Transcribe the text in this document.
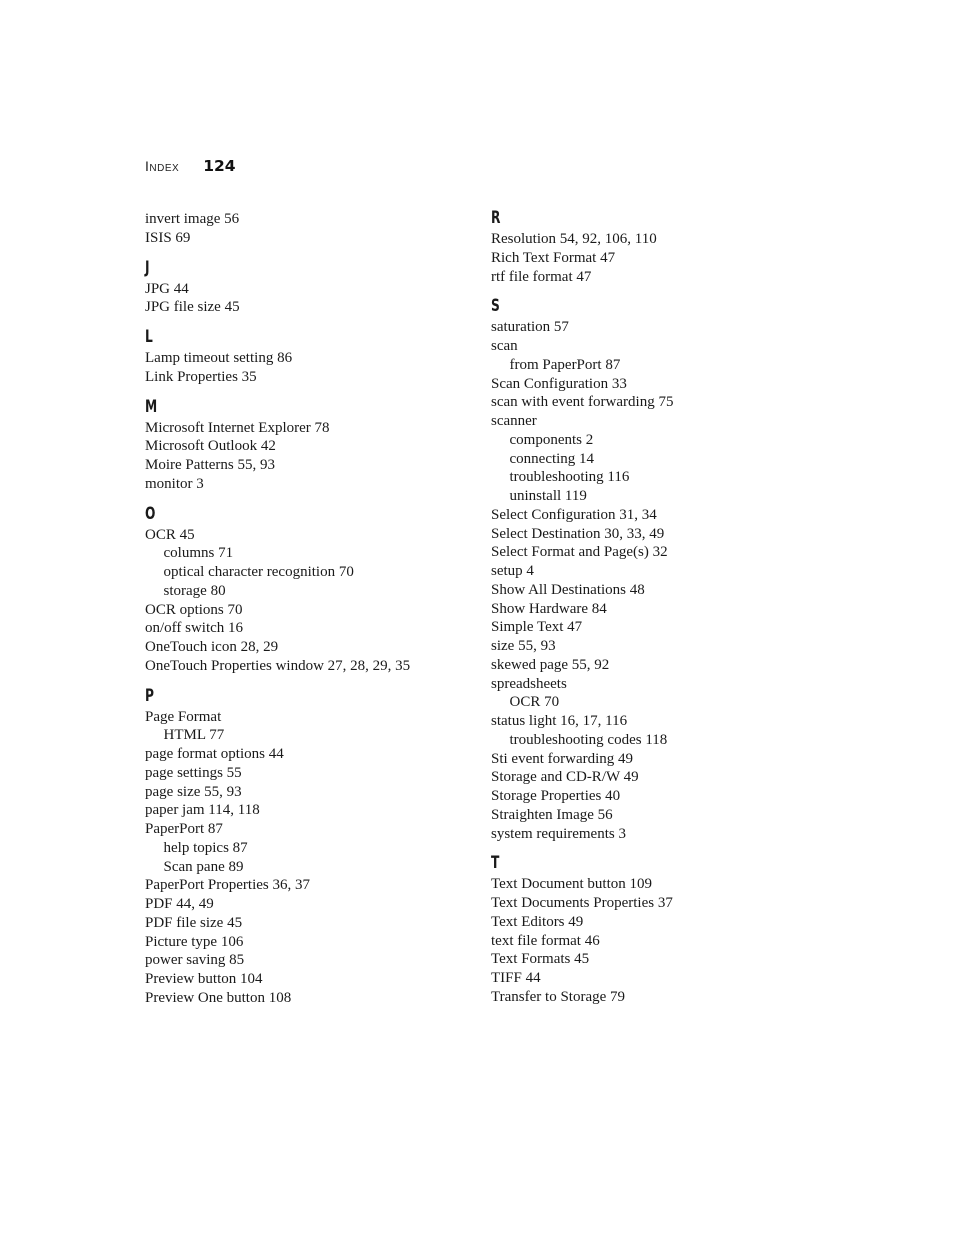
Index 124
invert image 56
ISIS 69
J
JPG 44
JPG file size 45
L
Lamp timeout setting 86
Link Properties 35
M
Microsoft Internet Explorer 78
Microsoft Outlook 42
Moire Patterns 55, 93
monitor 3
O
OCR 45
columns 71
optical character recognition 70
storage 80
OCR options 70
on/off switch 16
OneTouch icon 28, 29
OneTouch Properties window 27, 28, 29, 35
P
Page Format
HTML 77
page format options 44
page settings 55
page size 55, 93
paper jam 114, 118
PaperPort 87
help topics 87
Scan pane 89
PaperPort Properties 36, 37
PDF 44, 49
PDF file size 45
Picture type 106
power saving 85
Preview button 104
Preview One button 108
R
Resolution 54, 92, 106, 110
Rich Text Format 47
rtf file format 47
S
saturation 57
scan
from PaperPort 87
Scan Configuration 33
scan with event forwarding 75
scanner
components 2
connecting 14
troubleshooting 116
uninstall 119
Select Configuration 31, 34
Select Destination 30, 33, 49
Select Format and Page(s) 32
setup 4
Show All Destinations 48
Show Hardware 84
Simple Text 47
size 55, 93
skewed page 55, 92
spreadsheets
OCR 70
status light 16, 17, 116
troubleshooting codes 118
Sti event forwarding 49
Storage and CD-R/W 49
Storage Properties 40
Straighten Image 56
system requirements 3
T
Text Document button 109
Text Documents Properties 37
Text Editors 49
text file format 46
Text Formats 45
TIFF 44
Transfer to Storage 79
